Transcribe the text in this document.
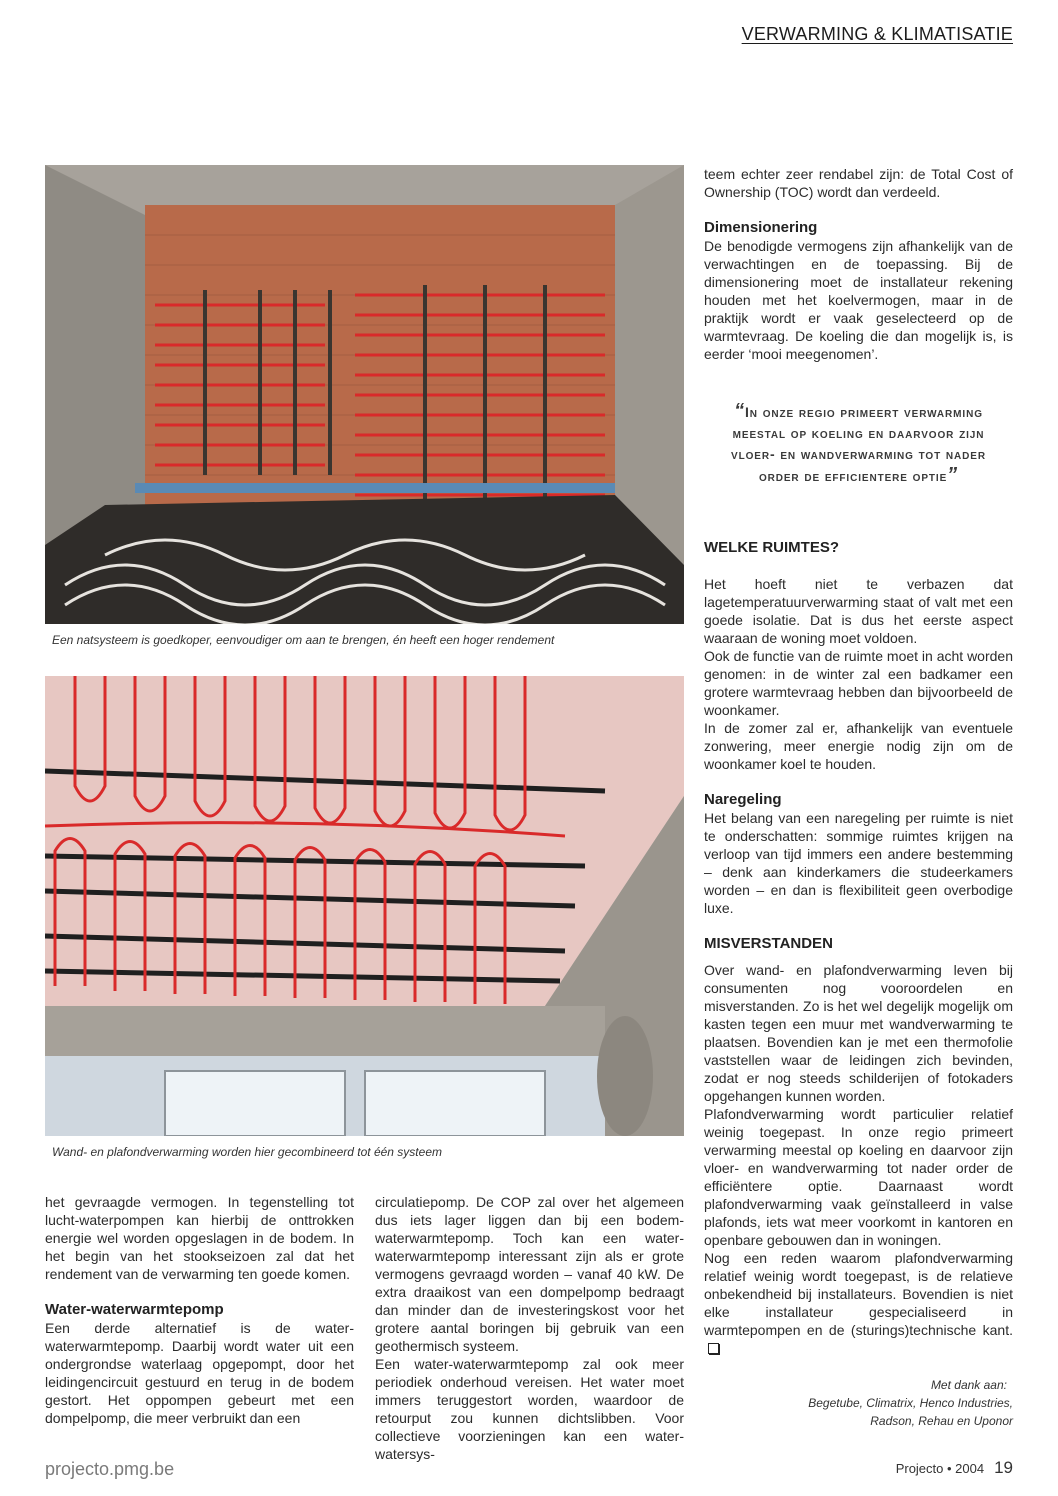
VERWARMING & KLIMATISATIE
Een natsysteem is goedkoper, eenvoudiger om aan te brengen, én heeft een hoger rendement
Wand- en plafondverwarming worden hier gecombineerd tot één systeem

teem echter zeer rendabel zijn: de Total Cost of Ownership (TOC) wordt dan verdeeld.

Dimensionering

De benodigde vermogens zijn afhankelijk van de verwachtingen en de toepassing. Bij de dimensionering moet de installateur rekening houden met het koelvermogen, maar in de praktijk wordt er vaak geselecteerd op de warmtevraag. De koeling die dan mogelijk is, is eerder ‘mooi meegenomen’.

“In onze regio primeert verwarming meestal op koeling en daarvoor zijn vloer- en wandverwarming tot nader order de efficientere optie”
WELKE RUIMTES?

Het hoeft niet te verbazen dat lagetemperatuurverwarming staat of valt met een goede isolatie. Dat is dus het eerste aspect waaraan de woning moet voldoen.

Ook de functie van de ruimte moet in acht worden genomen: in de winter zal een badkamer een grotere warmtevraag hebben dan bijvoorbeeld de woonkamer.

In de zomer zal er, afhankelijk van eventuele zonwering, meer energie nodig zijn om de woonkamer koel te houden.

Naregeling

Het belang van een naregeling per ruimte is niet te onderschatten: sommige ruimtes krijgen na verloop van tijd immers een andere bestemming – denk aan kinderkamers die studeerkamers worden – en dan is flexibiliteit geen overbodige luxe.

MISVERSTANDEN

Over wand- en plafondverwarming leven bij consumenten nog vooroordelen en misverstanden. Zo is het wel degelijk mogelijk om kasten tegen een muur met wandverwarming te plaatsen. Bovendien kan je met een thermofolie vaststellen waar de leidingen zich bevinden, zodat er nog steeds schilderijen of fotokaders opgehangen kunnen worden.

Plafondverwarming wordt particulier relatief weinig toegepast. In onze regio primeert verwarming meestal op koeling en daarvoor zijn vloer- en wandverwarming tot nader order de efficiëntere optie. Daarnaast wordt plafondverwarming vaak geïnstalleerd in valse plafonds, iets wat meer voorkomt in kantoren en openbare gebouwen dan in woningen.

Nog een reden waarom plafondverwarming relatief weinig wordt toegepast, is de relatieve onbekendheid bij installateurs. Bovendien is niet elke installateur gespecialiseerd in warmtepompen en de (sturings)technische kant.

het gevraagde vermogen. In tegenstelling tot lucht-waterpompen kan hierbij de onttrokken energie wel worden opgeslagen in de bodem. In het begin van het stookseizoen zal dat het rendement van de verwarming ten goede komen.

Water-waterwarmtepomp

Een derde alternatief is de water-waterwarmtepomp. Daarbij wordt water uit een ondergrondse waterlaag opgepompt, door het leidingencircuit gestuurd en terug in de bodem gestort. Het oppompen gebeurt met een dompelpomp, die meer verbruikt dan een

circulatiepomp. De COP zal over het algemeen dus iets lager liggen dan bij een bodem-waterwarmtepomp. Toch kan een water-waterwarmtepomp interessant zijn als er grote vermogens gevraagd worden – vanaf 40 kW. De extra draaikost van een dompelpomp bedraagt dan minder dan de investeringskost voor het grotere aantal boringen bij gebruik van een geothermisch systeem.

Een water-waterwarmtepomp zal ook meer periodiek onderhoud vereisen. Het water moet immers teruggestort worden, waardoor de retourput zou kunnen dichtslibben. Voor collectieve voorzieningen kan een water-watersys-

Met dank aan:
Begetube, Climatrix, Henco Industries,
Radson, Rehau en Uponor
projecto.pmg.be	Projecto • 2004 19
